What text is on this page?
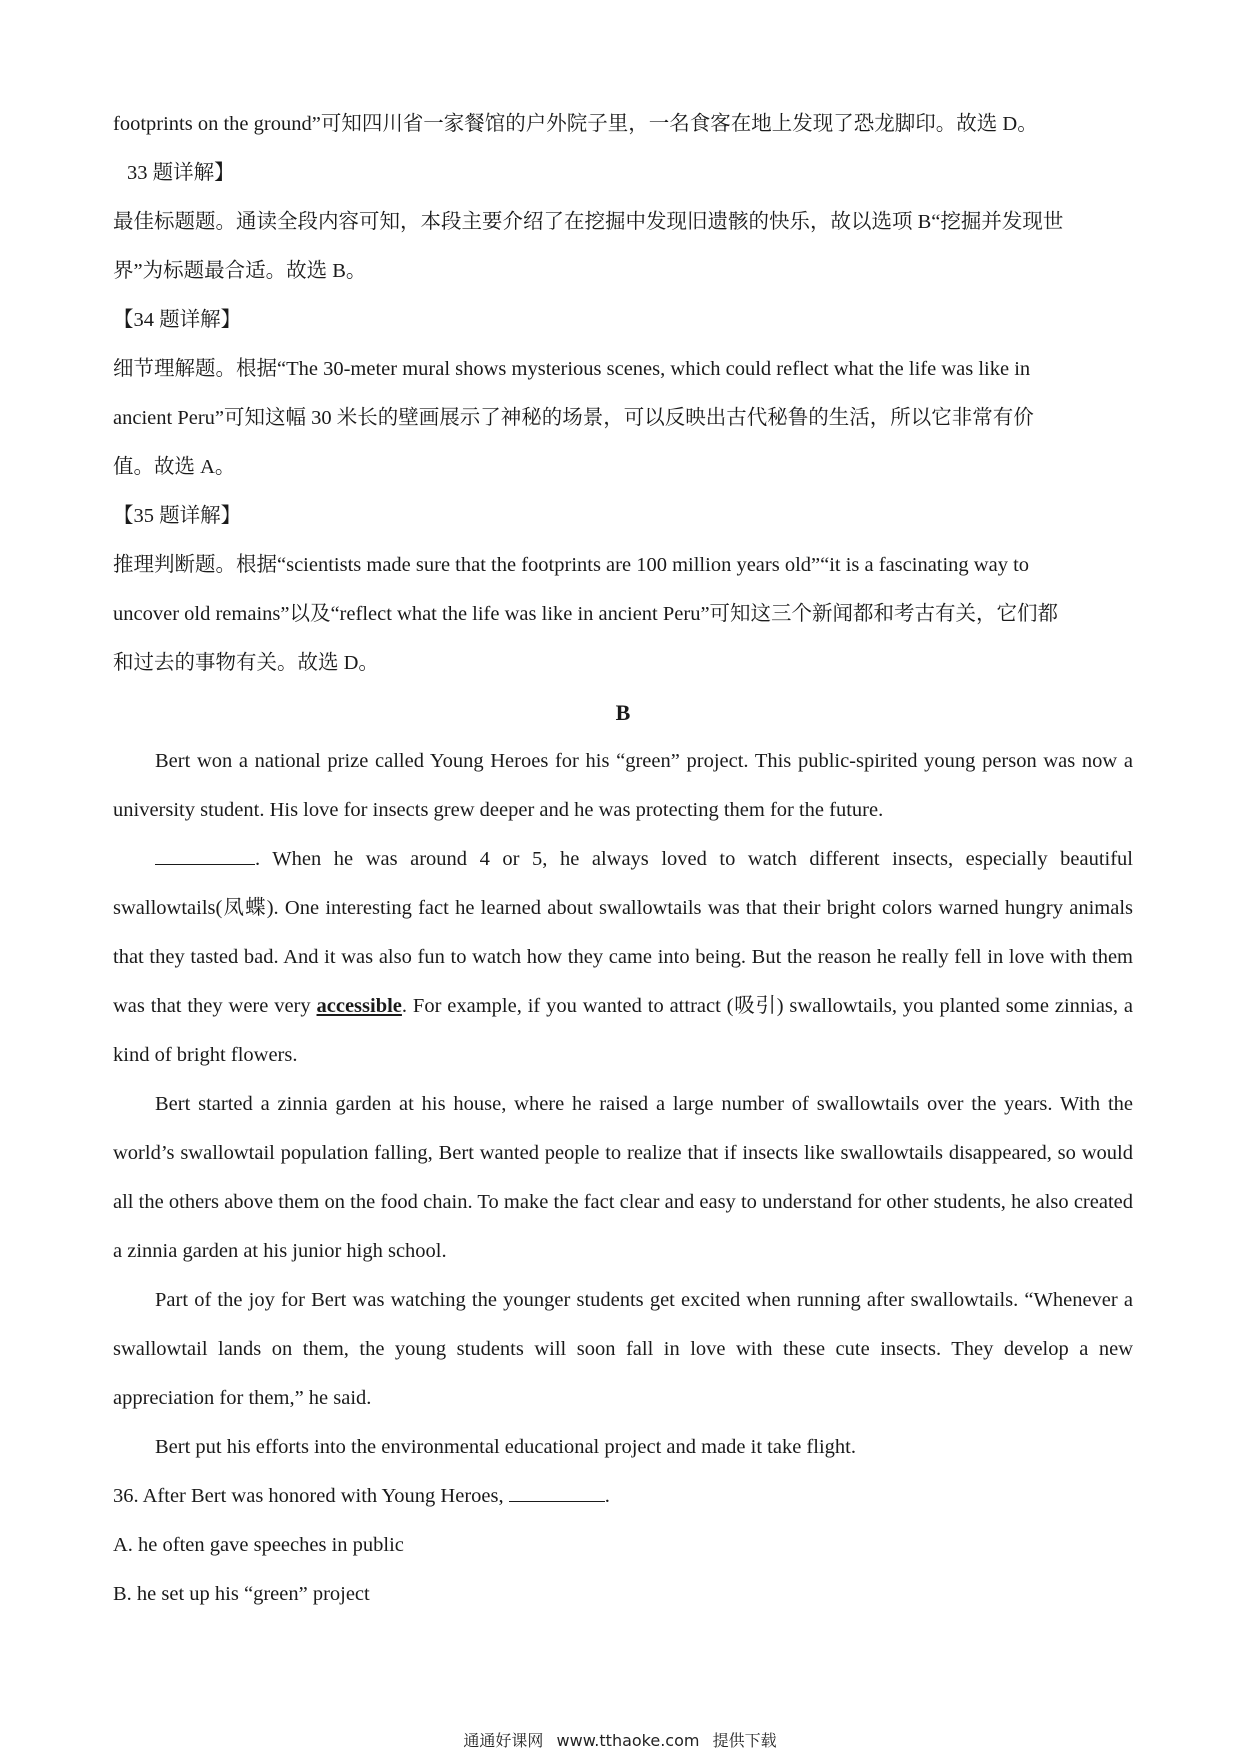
footprints on the ground”可知四川省一家餐馆的户外院子里，一名食客在地上发现了恐龙脚印。故选 D。
33 题详解】
最佳标题题。通读全段内容可知，本段主要介绍了在挖掘中发现旧遗骸的快乐，故以选项 B“挖掘并发现世
界”为标题最合适。故选 B。
【34 题详解】
细节理解题。根据“The 30-meter mural shows mysterious scenes, which could reflect what the life was like in
ancient Peru”可知这幅 30 米长的壁画展示了神秘的场景，可以反映出古代秘鲁的生活，所以它非常有价
值。故选 A。
【35 题详解】
推理判断题。根据“scientists made sure that the footprints are 100 million years old”“it is a fascinating way to
uncover old remains”以及“reflect what the life was like in ancient Peru”可知这三个新闻都和考古有关，它们都
和过去的事物有关。故选 D。
B

Bert won a national prize called Young Heroes for his “green” project. This public-spirited young person was now a university student. His love for insects grew deeper and he was protecting them for the future.

. When he was around 4 or 5, he always loved to watch different insects, especially beautiful swallowtails(凤蝶). One interesting fact he learned about swallowtails was that their bright colors warned hungry animals that they tasted bad. And it was also fun to watch how they came into being. But the reason he really fell in love with them was that they were very accessible. For example, if you wanted to attract (吸引) swallowtails, you planted some zinnias, a kind of bright flowers.

Bert started a zinnia garden at his house, where he raised a large number of swallowtails over the years. With the world’s swallowtail population falling, Bert wanted people to realize that if insects like swallowtails disappeared, so would all the others above them on the food chain. To make the fact clear and easy to understand for other students, he also created a zinnia garden at his junior high school.

Part of the joy for Bert was watching the younger students get excited when running after swallowtails. “Whenever a swallowtail lands on them, the young students will soon fall in love with these cute insects. They develop a new appreciation for them,” he said.

Bert put his efforts into the environmental educational project and made it take flight.

36. After Bert was honored with Young Heroes,	.
A. he often gave speeches in public
B. he set up his “green” project
通通好课网 www.tthaoke.com 提供下载
